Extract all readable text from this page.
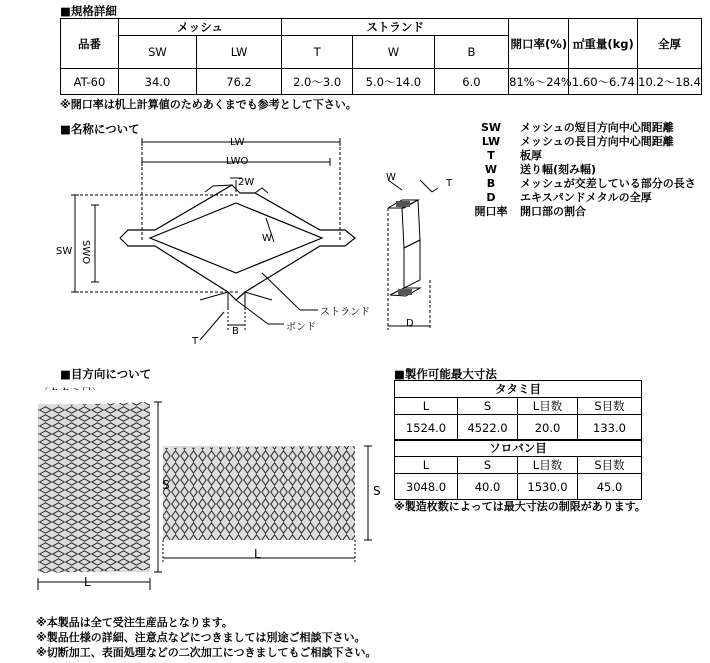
■規格詳細
品番	メッシュ		ストランド			開口率(%)	㎡重量(kg)	全厚
	SW	LW	T	W	B			
AT-60	34.0	76.2	2.0～3.0	5.0～14.0	6.0	81%～24%	1.60～6.74	10.2～18.4
※開口率は机上計算値のためあくまでも参考として下さい。
■名称について
LW
LWO
2W
W
SW SWO
ストランド
ボンド
B
T
W
T
D
SW	メッシュの短目方向中心間距離
LW	メッシュの長目方向中心間距離
T	板厚
W	送り幅(刻み幅)
B	メッシュが交差している部分の長さ
D	エキスパンドメタルの全厚
開口率	開口部の割合
■目方向について
S
L
S
L
■製作可能最大寸法
タタミ目			
L	S	L目数	S目数
1524.0	4522.0	20.0	133.0
ソロバン目			
L	S	L目数	S目数
3048.0	40.0	1530.0	45.0
※製造枚数によっては最大寸法の制限があります。
※本製品は全て受注生産品となります。
※製品仕様の詳細、注意点などにつきましては別途ご相談下さい。
※切断加工、表面処理などの二次加工につきましてもご相談下さい。
